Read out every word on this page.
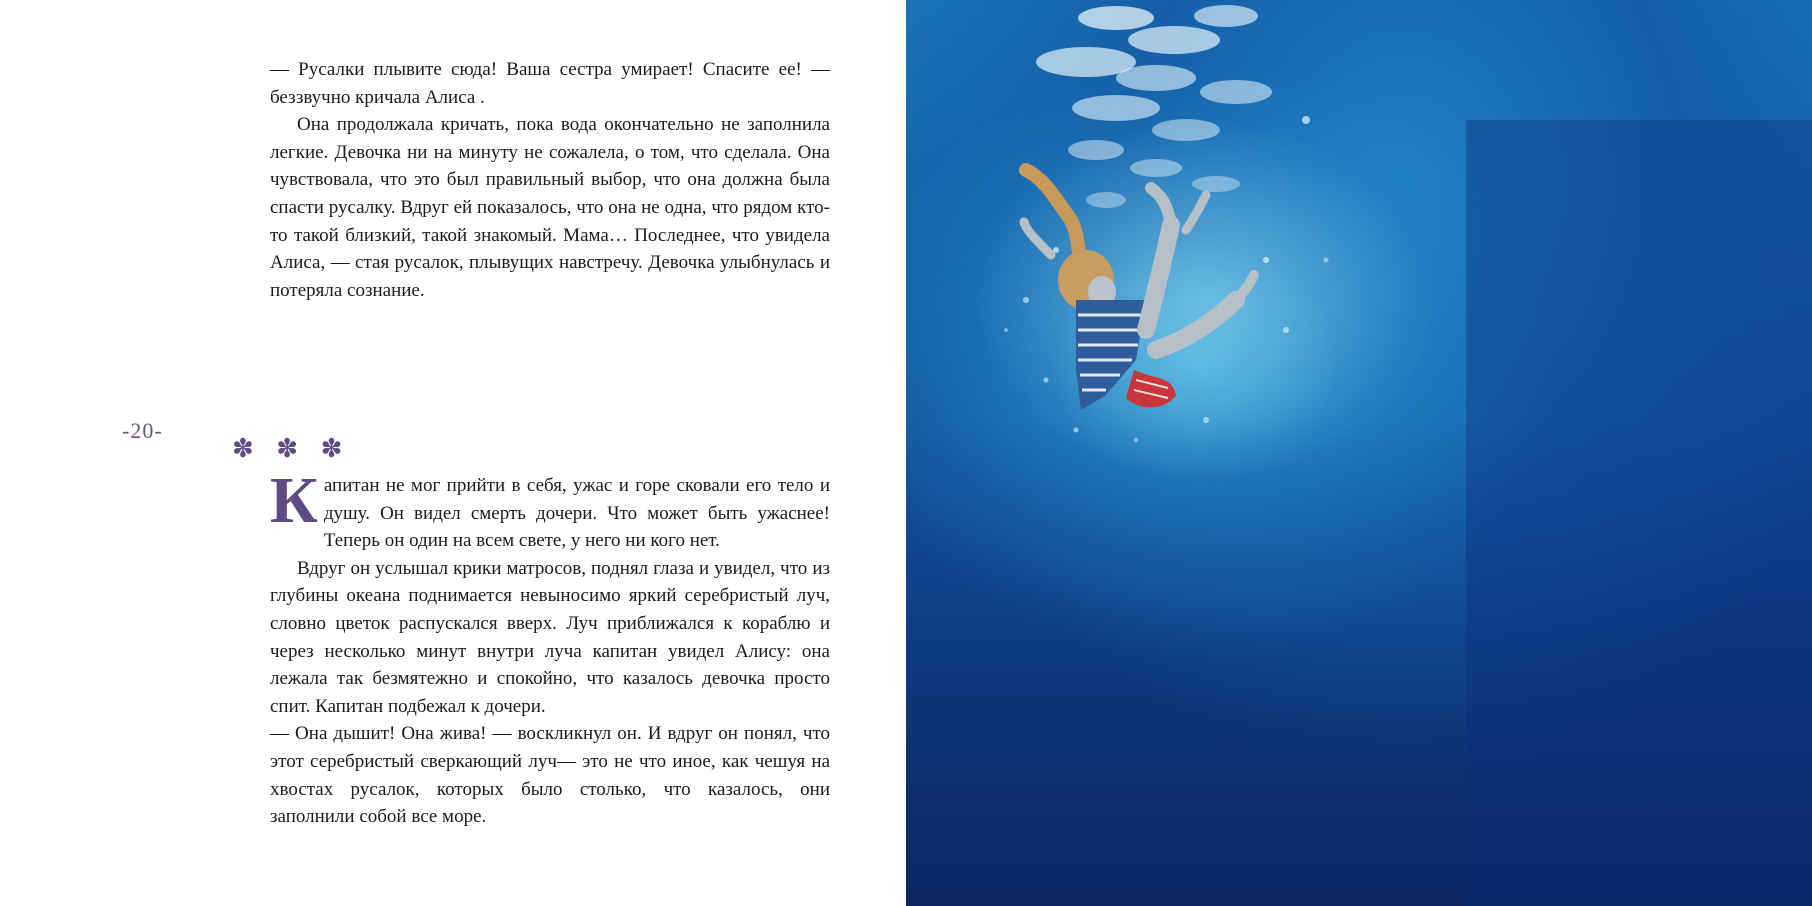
— Русалки плывите сюда! Ваша сестра умирает! Спасите ее! — беззвучно кричала Алиса .

Она продолжала кричать, пока вода окончательно не заполнила легкие. Девочка ни на минуту не сожалела, о том, что сделала. Она чувствовала, что это был правильный выбор, что она должна была спасти русалку. Вдруг ей показалось, что она не одна, что рядом кто-то такой близкий, такой знакомый. Мама… Последнее, что увидела Алиса, — стая русалок, плывущих навстречу. Девочка улыбнулась и потеряла сознание.

-20-
✽ ✽ ✽

Капитан не мог прийти в себя, ужас и горе сковали его тело и душу. Он видел смерть дочери. Что может быть ужаснее! Теперь он один на всем свете, у него ни кого нет.

Вдруг он услышал крики матросов, поднял глаза и увидел, что из глубины океана поднимается невыносимо яркий серебристый луч, словно цветок распускался вверх. Луч приближался к кораблю и через несколько минут внутри луча капитан увидел Алису: она лежала так безмятежно и спокойно, что казалось девочка просто спит. Капитан подбежал к дочери.

— Она дышит! Она жива! — воскликнул он. И вдруг он понял, что этот серебристый сверкающий луч— это не что иное, как чешуя на хвостах русалок, которых было столько, что казалось, они заполнили собой все море.
